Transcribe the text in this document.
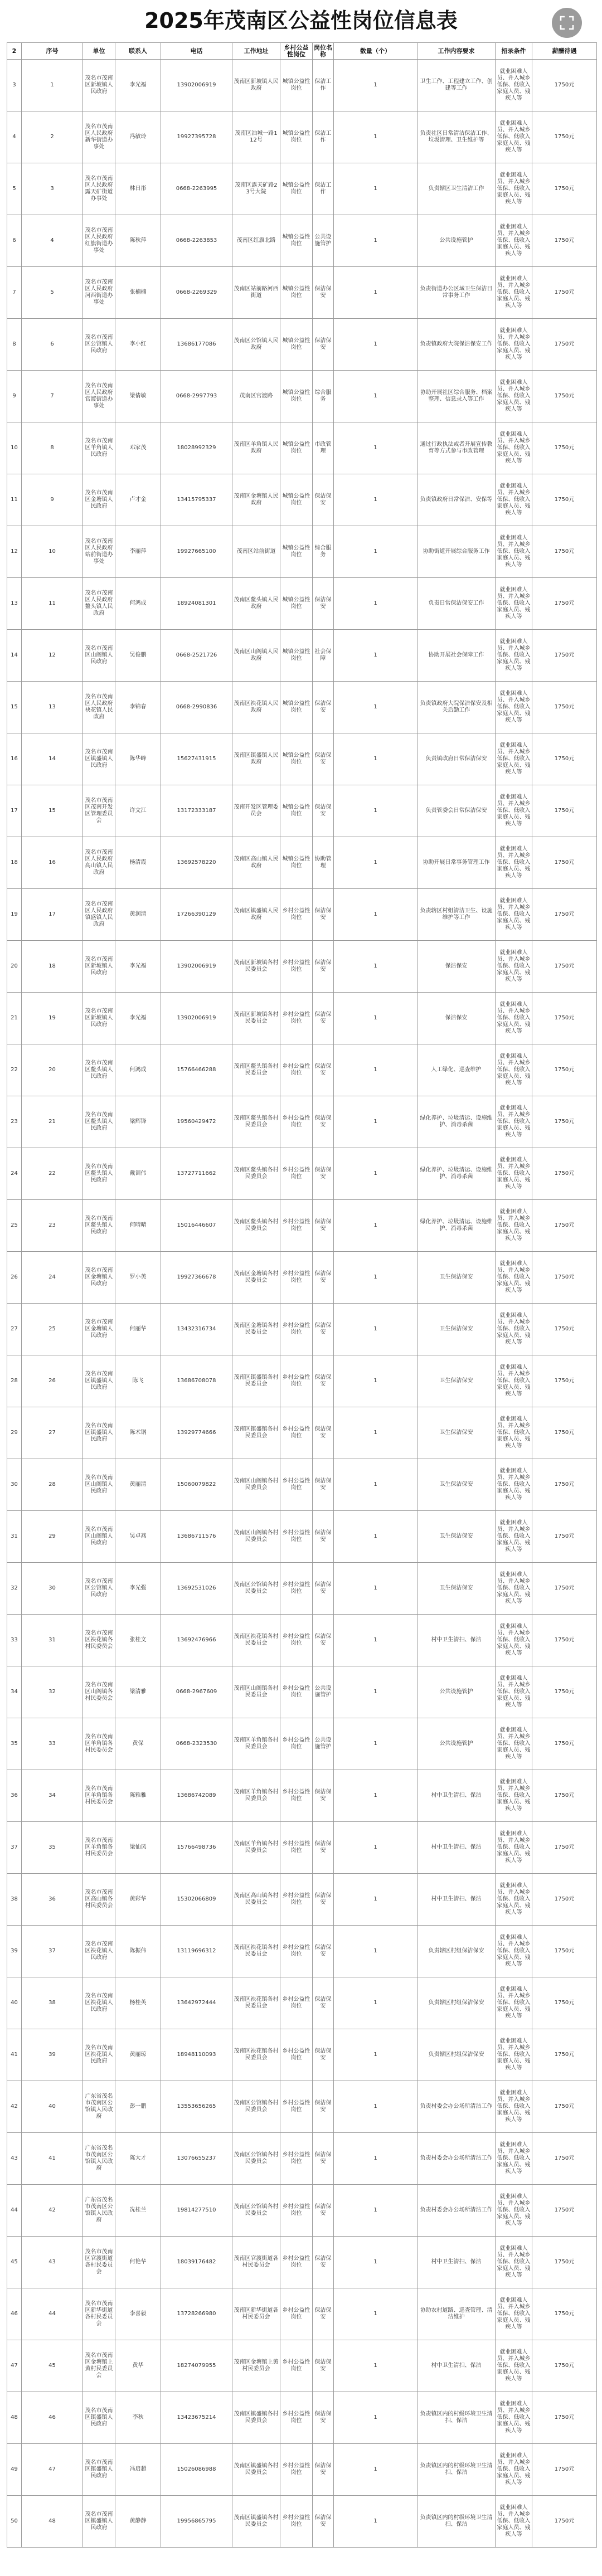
2025年茂南区公益性岗位信息表
2	序号	单位	联系人	电话	工作地址	乡村公益性岗位	岗位名称	数量（个）	工作内容要求	招录条件	薪酬待遇
3	1	茂名市茂南区新坡镇人民政府	李光福	13902006919	茂南区新坡镇人民政府	城镇公益性岗位	保洁工作	1	卫生工作、工程建立工作、创建等工作	就业困难人员、并入城乡低保、低收入家庭人员、残疾人等	1750元
4	2	茂名市茂南区人民政府新华街道办事处	冯敏玲	19927395728	茂南区油城一路112号	城镇公益性岗位	保洁工作	1	负责社区日常清洁保洁工作、垃圾清理、卫生维护等	就业困难人员、并入城乡低保、低收入家庭人员、残疾人等	1750元
5	3	茂名市茂南区人民政府露天矿街道办事处	林日彤	0668-2263995	茂南区露天矿路23号大院	城镇公益性岗位	保洁工作	1	负责辖区卫生清洁工作	就业困难人员、并入城乡低保、低收入家庭人员、残疾人等	1750元
6	4	茂名市茂南区人民政府红旗街道办事处	陈秋萍	0668-2263853	茂南区红旗北路	城镇公益性岗位	公共设施管护	1	公共设施管护	就业困难人员、并入城乡低保、低收入家庭人员、残疾人等	1750元
7	5	茂名市茂南区人民政府河西街道办事处	张楠楠	0668-2269329	茂南区站前路河西街道	城镇公益性岗位	保洁保安	1	负责街道办公区域卫生保洁日常事务工作	就业困难人员、并入城乡低保、低收入家庭人员、残疾人等	1750元
8	6	茂名市茂南区公馆镇人民政府	李小红	13686177086	茂南区公馆镇人民政府	城镇公益性岗位	保洁保安	1	负责镇政府大院保洁保安工作	就业困难人员、并入城乡低保、低收入家庭人员、残疾人等	1750元
9	7	茂名市茂南区人民政府官渡街道办事处	梁倩敏	0668-2997793	茂南区官渡路	城镇公益性岗位	综合服务	1	协助开展社区综合服务、档案整理、信息录入等工作	就业困难人员、并入城乡低保、低收入家庭人员、残疾人等	1750元
10	8	茂名市茂南区羊角镇人民政府	邓家茂	18028992329	茂南区羊角镇人民政府	城镇公益性岗位	市政管理	1	通过行政执法或者开展宣传教育等方式参与市政管理	就业困难人员、并入城乡低保、低收入家庭人员、残疾人等	1750元
11	9	茂名市茂南区金塘镇人民政府	卢才金	13415795337	茂南区金塘镇人民政府	城镇公益性岗位	保洁保安	1	负责镇政府日常保洁、安保等	就业困难人员、并入城乡低保、低收入家庭人员、残疾人等	1750元
12	10	茂名市茂南区人民政府站前街道办事处	李丽萍	19927665100	茂南区站前街道	城镇公益性岗位	综合服务	1	协助街道开展综合服务工作	就业困难人员、并入城乡低保、低收入家庭人员、残疾人等	1750元
13	11	茂名市茂南区人民政府鳌头镇人民政府	何鸿成	18924081301	茂南区鳌头镇人民政府	城镇公益性岗位	保洁保安	1	负责日常保洁保安工作	就业困难人员、并入城乡低保、低收入家庭人员、残疾人等	1750元
14	12	茂名市茂南区山阁镇人民政府	吴俊鹏	0668-2521726	茂南区山阁镇人民政府	城镇公益性岗位	社会保障	1	协助开展社会保障工作	就业困难人员、并入城乡低保、低收入家庭人员、残疾人等	1750元
15	13	茂名市茂南区人民政府袂花镇人民政府	李锦春	0668-2990836	茂南区袂花镇人民政府	城镇公益性岗位	保洁保安	1	负责镇政府大院保洁保安及相关后勤工作	就业困难人员、并入城乡低保、低收入家庭人员、残疾人等	1750元
16	14	茂名市茂南区镇盛镇人民政府	陈华峰	15627431915	茂南区镇盛镇人民政府	城镇公益性岗位	保洁保安	1	负责镇政府日常保洁保安	就业困难人员、并入城乡低保、低收入家庭人员、残疾人等	1750元
17	15	茂名市茂南区茂南开发区管理委员会	许文江	13172333187	茂南开发区管理委员会	城镇公益性岗位	保洁保安	1	负责管委会日常保洁保安	就业困难人员、并入城乡低保、低收入家庭人员、残疾人等	1750元
18	16	茂名市茂南区人民政府高山镇人民政府	杨清霞	13692578220	茂南区高山镇人民政府	城镇公益性岗位	协助管理	1	协助开展日常事务管理工作	就业困难人员、并入城乡低保、低收入家庭人员、残疾人等	1750元
19	17	茂名市茂南区人民政府镇盛镇人民政府	黄润清	17266390129	茂南区镇盛镇人民政府	乡村公益性岗位	保洁保安	1	负责辖区村组清洁卫生、设施维护等工作	就业困难人员、并入城乡低保、低收入家庭人员、残疾人等	1750元
20	18	茂名市茂南区新坡镇人民政府	李光福	13902006919	茂南区新坡镇各村民委员会	乡村公益性岗位	保洁保安	1	保洁保安	就业困难人员、并入城乡低保、低收入家庭人员、残疾人等	1750元
21	19	茂名市茂南区新坡镇人民政府	李光福	13902006919	茂南区新坡镇各村民委员会	乡村公益性岗位	保洁保安	1	保洁保安	就业困难人员、并入城乡低保、低收入家庭人员、残疾人等	1750元
22	20	茂名市茂南区鳌头镇人民政府	何鸿成	15766466288	茂南区鳌头镇各村民委员会	乡村公益性岗位	保洁保安	1	人工绿化、巡查维护	就业困难人员、并入城乡低保、低收入家庭人员、残疾人等	1750元
23	21	茂名市茂南区鳌头镇人民政府	梁辉锋	19560429472	茂南区鳌头镇各村民委员会	乡村公益性岗位	保洁保安	1	绿化养护、垃圾清运、设施维护、消毒杀菌	就业困难人员、并入城乡低保、低收入家庭人员、残疾人等	1750元
24	22	茂名市茂南区鳌头镇人民政府	戴训伟	13727711662	茂南区鳌头镇各村民委员会	乡村公益性岗位	保洁保安	1	绿化养护、垃圾清运、设施维护、消毒杀菌	就业困难人员、并入城乡低保、低收入家庭人员、残疾人等	1750元
25	23	茂名市茂南区鳌头镇人民政府	何晴晴	15016446607	茂南区鳌头镇各村民委员会	乡村公益性岗位	保洁保安	1	绿化养护、垃圾清运、设施维护、消毒杀菌	就业困难人员、并入城乡低保、低收入家庭人员、残疾人等	1750元
26	24	茂名市茂南区金塘镇人民政府	罗小英	19927366678	茂南区金塘镇各村民委员会	乡村公益性岗位	保洁保安	1	卫生保洁保安	就业困难人员、并入城乡低保、低收入家庭人员、残疾人等	1750元
27	25	茂名市茂南区金塘镇人民政府	何丽华	13432316734	茂南区金塘镇各村民委员会	乡村公益性岗位	保洁保安	1	卫生保洁保安	就业困难人员、并入城乡低保、低收入家庭人员、残疾人等	1750元
28	26	茂名市茂南区镇盛镇人民政府	陈飞	13686708078	茂南区镇盛镇各村民委员会	乡村公益性岗位	保洁保安	1	卫生保洁保安	就业困难人员、并入城乡低保、低收入家庭人员、残疾人等	1750元
29	27	茂名市茂南区镇盛镇人民政府	陈术钢	13929774666	茂南区镇盛镇各村民委员会	乡村公益性岗位	保洁保安	1	卫生保洁保安	就业困难人员、并入城乡低保、低收入家庭人员、残疾人等	1750元
30	28	茂名市茂南区山阁镇人民政府	黄丽清	15060079822	茂南区山阁镇各村民委员会	乡村公益性岗位	保洁保安	1	卫生保洁保安	就业困难人员、并入城乡低保、低收入家庭人员、残疾人等	1750元
31	29	茂名市茂南区山阁镇人民政府	吴卓燕	13686711576	茂南区山阁镇各村民委员会	乡村公益性岗位	保洁保安	1	卫生保洁保安	就业困难人员、并入城乡低保、低收入家庭人员、残疾人等	1750元
32	30	茂名市茂南区公馆镇人民政府	李光强	13692531026	茂南区公馆镇各村民委员会	乡村公益性岗位	保洁保安	1	卫生保洁保安	就业困难人员、并入城乡低保、低收入家庭人员、残疾人等	1750元
33	31	茂名市茂南区袂花镇各村民委员会	张桂文	13692476966	茂南区袂花镇各村民委员会	乡村公益性岗位	保洁保安	1	村中卫生清扫、保洁	就业困难人员、并入城乡低保、低收入家庭人员、残疾人等	1750元
34	32	茂名市茂南区山阁镇各村民委员会	梁清雅	0668-2967609	茂南区山阁镇各村民委员会	乡村公益性岗位	公共设施管护	1	公共设施管护	就业困难人员、并入城乡低保、低收入家庭人员、残疾人等	1750元
35	33	茂名市茂南区羊角镇各村民委员会	黄保	0668-2323530	茂南区羊角镇各村民委员会	乡村公益性岗位	公共设施管护	1	公共设施管护	就业困难人员、并入城乡低保、低收入家庭人员、残疾人等	1750元
36	34	茂名市茂南区羊角镇各村民委员会	陈雅雅	13686742089	茂南区羊角镇各村民委员会	乡村公益性岗位	保洁保安	1	村中卫生清扫、保洁	就业困难人员、并入城乡低保、低收入家庭人员、残疾人等	1750元
37	35	茂名市茂南区羊角镇各村民委员会	梁仙凤	15766498736	茂南区羊角镇各村民委员会	乡村公益性岗位	保洁保安	1	村中卫生清扫、保洁	就业困难人员、并入城乡低保、低收入家庭人员、残疾人等	1750元
38	36	茂名市茂南区高山镇各村民委员会	黄彩华	15302066809	茂南区高山镇各村民委员会	乡村公益性岗位	保洁保安	1	村中卫生清扫、保洁	就业困难人员、并入城乡低保、低收入家庭人员、残疾人等	1750元
39	37	茂名市茂南区袂花镇人民政府	陈振伟	13119696312	茂南区袂花镇各村民委员会	乡村公益性岗位	保洁保安	1	负责辖区村组保洁保安	就业困难人员、并入城乡低保、低收入家庭人员、残疾人等	1750元
40	38	茂名市茂南区袂花镇人民政府	杨桂英	13642972444	茂南区袂花镇各村民委员会	乡村公益性岗位	保洁保安	1	负责辖区村组保洁保安	就业困难人员、并入城乡低保、低收入家庭人员、残疾人等	1750元
41	39	茂名市茂南区袂花镇人民政府	黄丽琼	18948110093	茂南区袂花镇各村民委员会	乡村公益性岗位	保洁保安	1	负责辖区村组保洁保安	就业困难人员、并入城乡低保、低收入家庭人员、残疾人等	1750元
42	40	广东省茂名市茂南区公馆镇人民政府	彭一鹏	13553656265	茂南区公馆镇各村民委员会	乡村公益性岗位	保洁保安	1	负责村委会办公场所清洁工作	就业困难人员、并入城乡低保、低收入家庭人员、残疾人等	1750元
43	41	广东省茂名市茂南区公馆镇人民政府	陈大才	13076655237	茂南区公馆镇各村民委员会	乡村公益性岗位	保洁保安	1	负责村委会办公场所清洁工作	就业困难人员、并入城乡低保、低收入家庭人员、残疾人等	1750元
44	42	广东省茂名市茂南区公馆镇人民政府	冼桂兰	19814277510	茂南区公馆镇各村民委员会	乡村公益性岗位	保洁保安	1	负责村委会办公场所清洁工作	就业困难人员、并入城乡低保、低收入家庭人员、残疾人等	1750元
45	43	茂名市茂南区官渡街道各村民委员会	何艳华	18039176482	茂南区官渡街道各村民委员会	乡村公益性岗位	保洁保安	1	村中卫生清扫、保洁	就业困难人员、并入城乡低保、低收入家庭人员、残疾人等	1750元
46	44	茂名市茂南区新华街道各村民委员会	李喜毅	13728266980	茂南区新华街道各村民委员会	乡村公益性岗位	保洁保安	1	协助农村道路、巡查管理、清洁维护	就业困难人员、并入城乡低保、低收入家庭人员、残疾人等	1750元
47	45	茂名市茂南区金塘镇上黄村民委员会	黄华	18274079955	茂南区金塘镇上黄村民委员会	乡村公益性岗位	保洁保安	1	村中卫生清扫、保洁	就业困难人员、并入城乡低保、低收入家庭人员、残疾人等	1750元
48	46	茂名市茂南区镇盛镇人民政府	李秋	13423675214	茂南区镇盛镇各村民委员会	乡村公益性岗位	保洁保安	1	负责镇区内的村级环境卫生清扫、保洁	就业困难人员、并入城乡低保、低收入家庭人员、残疾人等	1750元
49	47	茂名市茂南区镇盛镇人民政府	冯启超	15026086988	茂南区镇盛镇各村民委员会	乡村公益性岗位	保洁保安	1	负责镇区内的村级环境卫生清扫、保洁	就业困难人员、并入城乡低保、低收入家庭人员、残疾人等	1750元
50	48	茂名市茂南区镇盛镇人民政府	黄静静	19956865795	茂南区镇盛镇各村民委员会	乡村公益性岗位	保洁保安	1	负责镇区内的村级环境卫生清扫、保洁	就业困难人员、并入城乡低保、低收入家庭人员、残疾人等	1750元
